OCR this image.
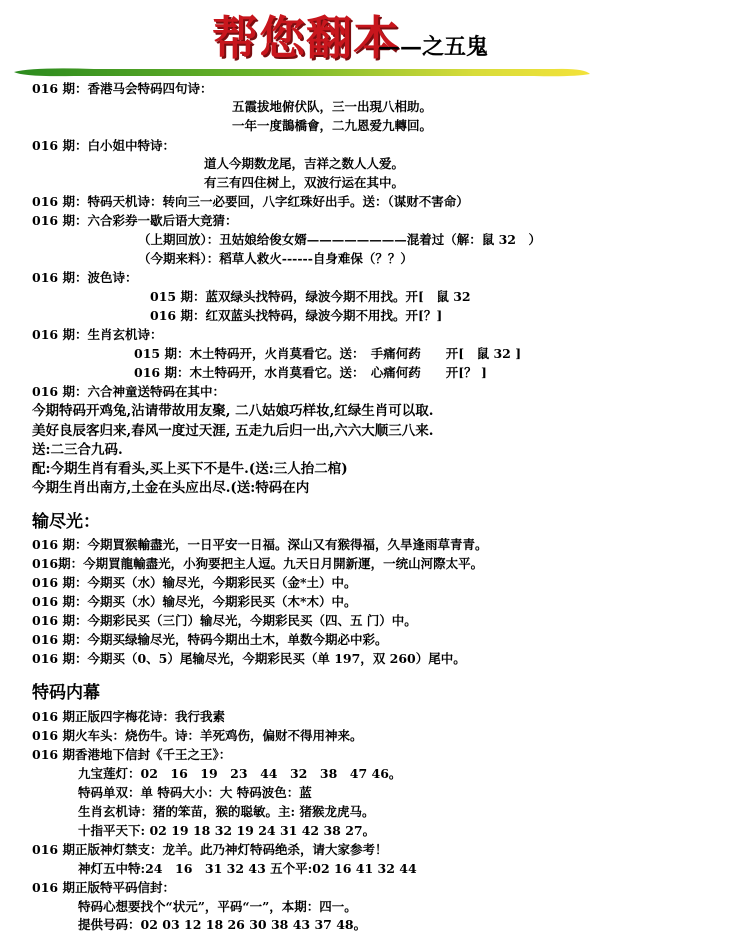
帮您翻本
——之五鬼
016 期：香港马会特码四句诗：
五霞拔地俯伏队，三一出現八相助。
一年一度鵲橋會，二九恩爱九轉回。
016 期：白小姐中特诗：
道人今期数龙尾，吉祥之数人人爱。
有三有四住树上，双波行运在其中。
016 期：特码天机诗：转向三一必要回，八字红珠好出手。送：（谋财不害命）
016 期：六合彩券一歇后语大竞猜：
（上期回放）：丑姑娘给俊女婿————————混着过（解：鼠 32　）
（今期来料）：稻草人救火------自身难保（？？）
016 期：波色诗：
015 期：蓝双绿头找特码，绿波今期不用找。开[　鼠 32
016 期：红双蓝头找特码，绿波今期不用找。开[？]
016 期：生肖玄机诗：
015 期：木土特码开，火肖莫看它。送：　手痛何药　　开[　鼠 32 ]
016 期：木土特码开，水肖莫看它。送：　心痛何药　　开[？ ]
016 期：六合神童送特码在其中：
今期特码开鸡兔,沾请带故用友聚, 二八姑娘巧样妆,红绿生肖可以取.
美好良辰客归来,春风一度过天涯, 五走九后归一出,六六大顺三八来.
送:二三合九码.
配:今期生肖有看头,买上买下不是牛.(送:三人抬二棺)
今期生肖出南方,土金在头应出尽.(送:特码在内
输尽光：
016 期：今期買猴輸盡光，一日平安一日福。深山又有猴得福，久旱逢雨草青青。
016期：今期買龍輸盡光，小狗要把主人逗。九天日月開新運，一统山河際太平。
016 期：今期买（水）输尽光，今期彩民买（金*土）中。
016 期：今期买（水）输尽光，今期彩民买（木*木）中。
016 期：今期彩民买（三门）输尽光，今期彩民买（四、五 门）中。
016 期：今期买绿输尽光，特码今期出土木，单数今期必中彩。
016 期：今期买（0、5）尾输尽光，今期彩民买（单 197，双 260）尾中。
特码内幕
016 期正版四字梅花诗：我行我素
016 期火车头：烧伤牛。诗：羊死鸡伤，偏财不得用神来。
016 期香港地下信封《千王之王》：
九宝莲灯：02　16　19　23　44　32　38　47 46。
特码单双：单 特码大小：大 特码波色：蓝
生肖玄机诗：猪的笨苗，猴的聪敏。主: 猪猴龙虎马。
十指平天下: 02 19 18 32 19 24 31 42 38 27。
016 期正版神灯禁支：龙羊。此乃神灯特码绝杀，请大家参考！
神灯五中特:24　16　31 32 43 五个平:02 16 41 32 44
016 期正版特平码信封：
特码心想要找个“状元”，平码“一”，本期：四一。
提供号码：02 03 12 18 26 30 38 43 37 48。
